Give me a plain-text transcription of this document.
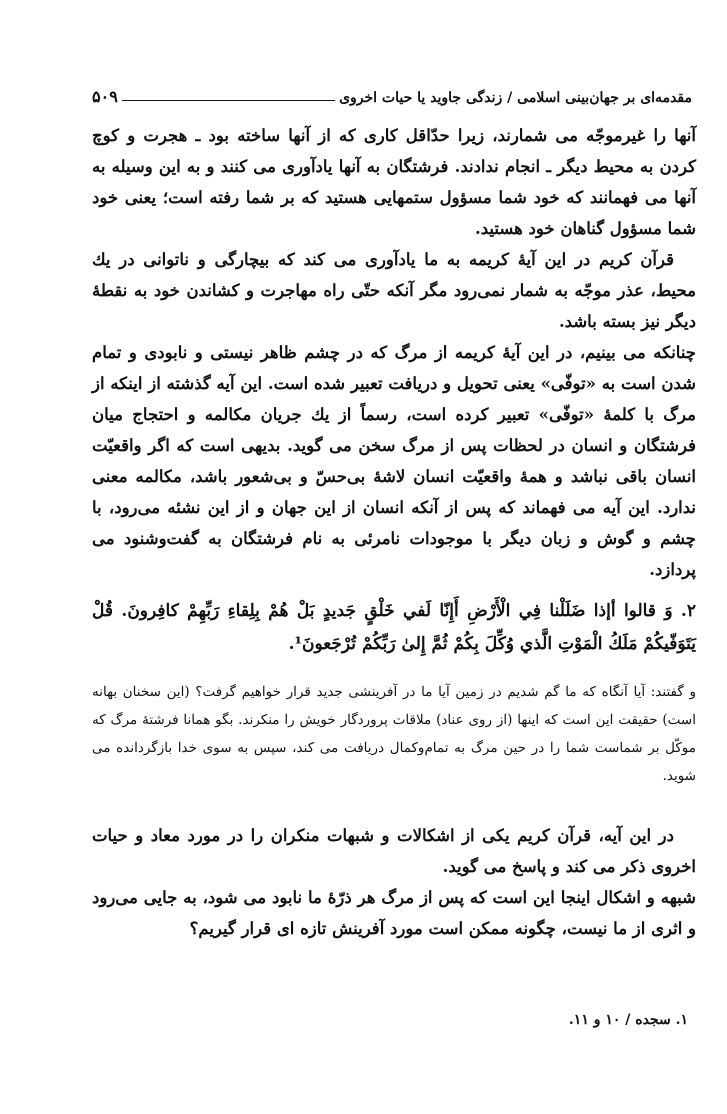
مقدمه‌ای بر جهان‌بینی اسلامی / زندگی جاوید یا حیات اخروی
۵۰۹

آنها را غیرموجّه می شمارند، زیرا حدّاقل کاری که از آنها ساخته بود ـ هجرت و کوچ کردن به محیط دیگر ـ انجام ندادند. فرشتگان به آنها یادآوری می کنند و به این وسیله به آنها می فهمانند که خود شما مسؤول ستمهایی هستید که بر شما رفته است؛ یعنی خود شما مسؤول گناهان خود هستید.

قرآن کریم در این آیهٔ کریمه به ما یادآوری می کند که بیچارگی و ناتوانی در یك محیط، عذر موجّه به شمار نمی‌رود مگر آنکه حتّی راه مهاجرت و کشاندن خود به نقطهٔ دیگر نیز بسته باشد.

چنانکه می بینیم، در این آیهٔ کریمه از مرگ که در چشم ظاهر نیستی و نابودی و تمام شدن است به «توفّی» یعنی تحویل و دریافت تعبیر شده است. این آیه گذشته از اینکه از مرگ با کلمهٔ «توفّی» تعبیر کرده است، رسماً از یك جریان مکالمه و احتجاج میان فرشتگان و انسان در لحظات پس از مرگ سخن می گوید. بدیهی است که اگر واقعیّت انسان باقی نباشد و همهٔ واقعیّت انسان لاشهٔ بی‌حسّ و بی‌شعور باشد، مکالمه معنی ندارد. این آیه می فهماند که پس از آنکه انسان از این جهان و از این نشئه می‌رود، با چشم و گوش و زبان دیگر با موجودات نامرئی به نام فرشتگان به گفت‌وشنود می پردازد.

۲. وَ قالوا أإذا ضَلَلْنا فِي الْأَرْضِ أَإِنّا لَفي خَلْقٍ جَديدٍ بَلْ هُمْ بِلِقاءِ رَبِّهِمْ كافِرونَ. قُلْ يَتَوَفّيكُمْ مَلَكُ الْمَوْتِ الَّذي وُكِّلَ بِكُمْ ثُمَّ إِلىٰ رَبِّكُمْ تُرْجَعونَ¹.

و گفتند: آیا آنگاه که ما گم شدیم در زمین آیا ما در آفرینشی جدید قرار خواهیم گرفت؟ (این سخنان بهانه است) حقیقت این است که اینها (از روی عناد) ملاقات پروردگار خویش را منکرند. بگو همانا فرشتهٔ مرگ که موکّل بر شماست شما را در حین مرگ به تمام‌وکمال دریافت می کند، سپس به سوی خدا بازگردانده می شوید.

در این آیه، قرآن کریم یکی از اشکالات و شبهات منکران را در مورد معاد و حیات اخروی ذکر می کند و پاسخ می گوید.

شبهه و اشکال اینجا این است که پس از مرگ هر ذرّهٔ ما نابود می شود، به جایی می‌رود و اثری از ما نیست، چگونه ممکن است مورد آفرینش تازه ای قرار گیریم؟

۱. سجده / ۱۰ و ۱۱.
